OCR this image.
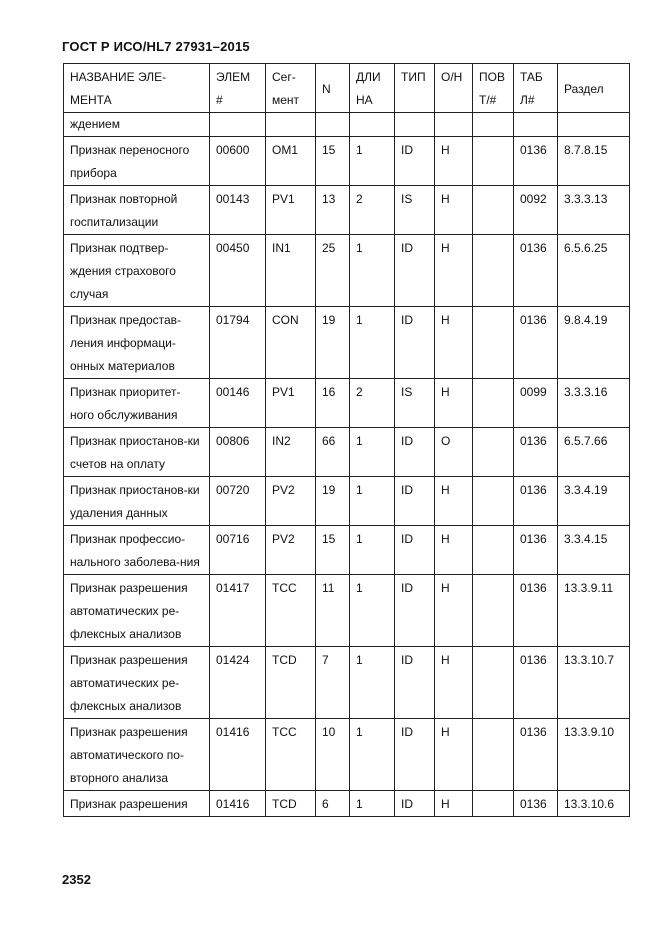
ГОСТ Р ИСО/HL7 27931–2015
НАЗВАНИЕ ЭЛЕ-МЕНТА	ЭЛЕМ #	Сег-мент	N	ДЛИ НА	ТИП	О/Н	ПОВ Т/#	ТАБ Л#	Раздел
ждением									
Признак переносного прибора	00600	OM1	15	1	ID	Н		0136	8.7.8.15
Признак повторной госпитализации	00143	PV1	13	2	IS	Н		0092	3.3.3.13
Признак подтвер-ждения страхового случая	00450	IN1	25	1	ID	Н		0136	6.5.6.25
Признак предостав-ления информаци-онных материалов	01794	CON	19	1	ID	Н		0136	9.8.4.19
Признак приоритет-ного обслуживания	00146	PV1	16	2	IS	Н		0099	3.3.3.16
Признак приостанов-ки счетов на оплату	00806	IN2	66	1	ID	О		0136	6.5.7.66
Признак приостанов-ки удаления данных	00720	PV2	19	1	ID	Н		0136	3.3.4.19
Признак профессио-нального заболева-ния	00716	PV2	15	1	ID	Н		0136	3.3.4.15
Признак разрешения автоматических ре-флексных анализов	01417	TCC	11	1	ID	Н		0136	13.3.9.11
Признак разрешения автоматических ре-флексных анализов	01424	TCD	7	1	ID	Н		0136	13.3.10.7
Признак разрешения автоматического по-вторного анализа	01416	TCC	10	1	ID	Н		0136	13.3.9.10
Признак разрешения	01416	TCD	6	1	ID	Н		0136	13.3.10.6
2352
